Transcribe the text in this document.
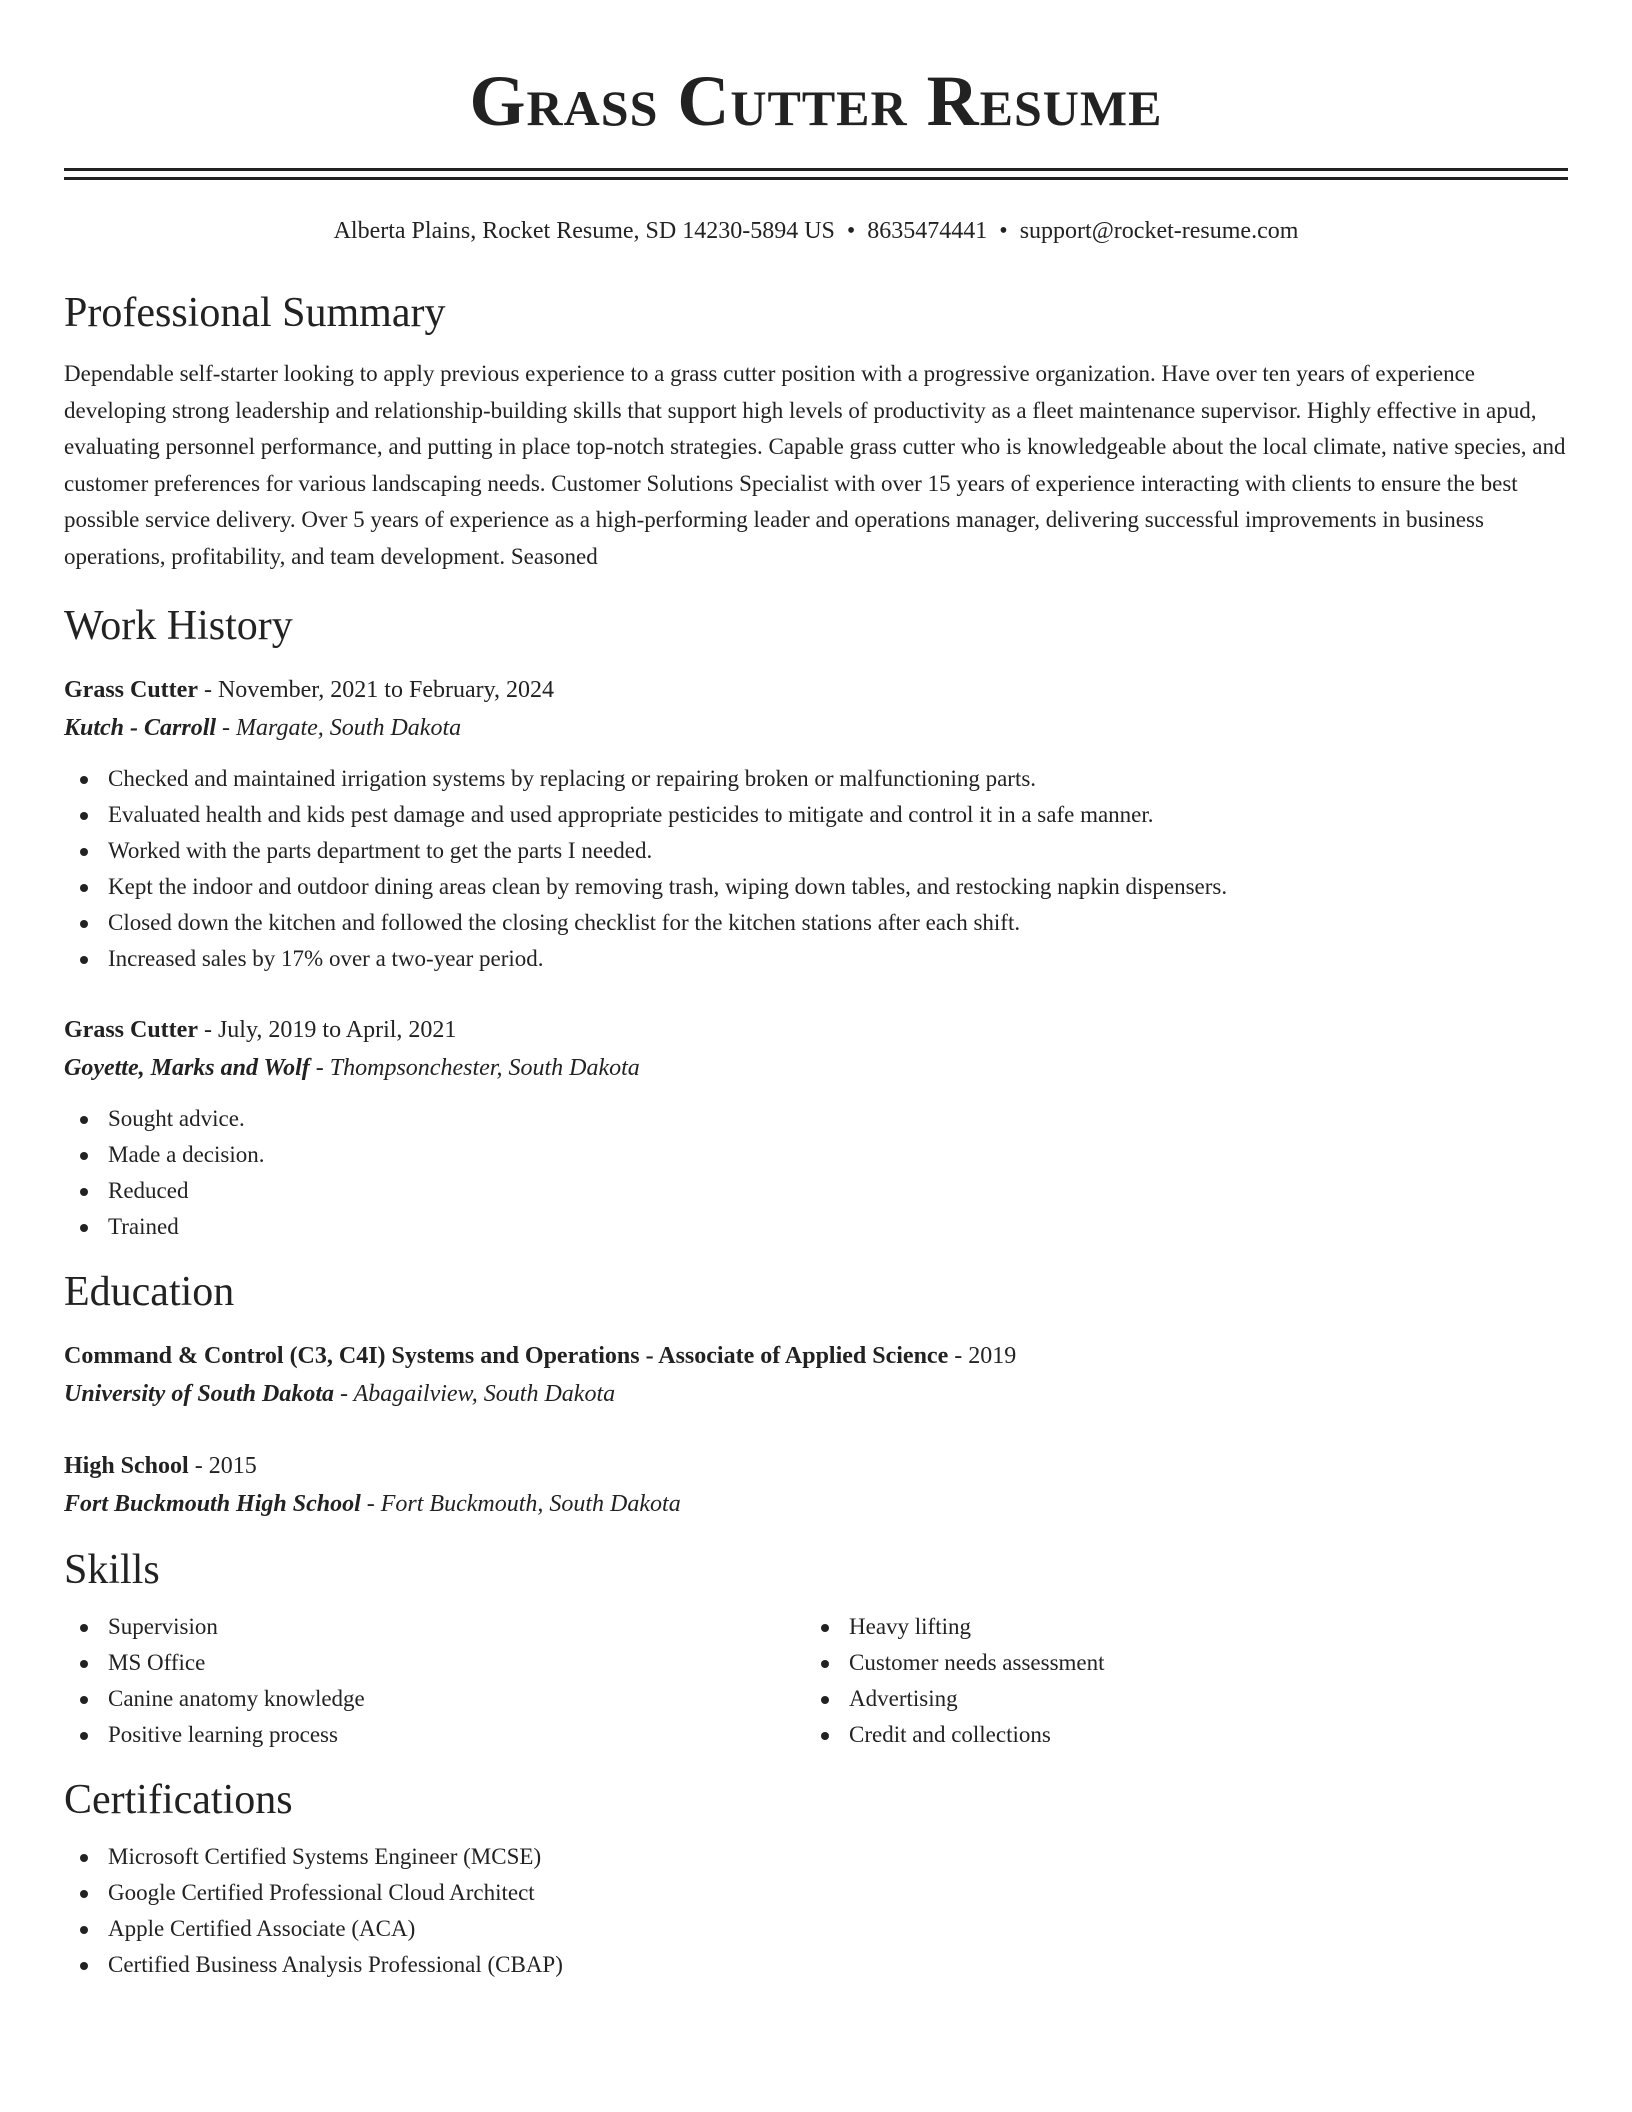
Grass Cutter Resume
Alberta Plains, Rocket Resume, SD 14230-5894 US • 8635474441 • support@rocket-resume.com
Professional Summary

Dependable self-starter looking to apply previous experience to a grass cutter position with a progressive organization. Have over ten years of experience developing strong leadership and relationship-building skills that support high levels of productivity as a fleet maintenance supervisor. Highly effective in apud, evaluating personnel performance, and putting in place top-notch strategies. Capable grass cutter who is knowledgeable about the local climate, native species, and customer preferences for various landscaping needs. Customer Solutions Specialist with over 15 years of experience interacting with clients to ensure the best possible service delivery. Over 5 years of experience as a high-performing leader and operations manager, delivering successful improvements in business operations, profitability, and team development. Seasoned

Work History
Grass Cutter - November, 2021 to February, 2024
Kutch - Carroll - Margate, South Dakota
Checked and maintained irrigation systems by replacing or repairing broken or malfunctioning parts.
Evaluated health and kids pest damage and used appropriate pesticides to mitigate and control it in a safe manner.
Worked with the parts department to get the parts I needed.
Kept the indoor and outdoor dining areas clean by removing trash, wiping down tables, and restocking napkin dispensers.
Closed down the kitchen and followed the closing checklist for the kitchen stations after each shift.
Increased sales by 17% over a two-year period.
Grass Cutter - July, 2019 to April, 2021
Goyette, Marks and Wolf - Thompsonchester, South Dakota
Sought advice.
Made a decision.
Reduced
Trained
Education
Command & Control (C3, C4I) Systems and Operations - Associate of Applied Science - 2019
University of South Dakota - Abagailview, South Dakota
High School - 2015
Fort Buckmouth High School - Fort Buckmouth, South Dakota
Skills
Supervision
MS Office
Canine anatomy knowledge
Positive learning process
Heavy lifting
Customer needs assessment
Advertising
Credit and collections
Certifications
Microsoft Certified Systems Engineer (MCSE)
Google Certified Professional Cloud Architect
Apple Certified Associate (ACA)
Certified Business Analysis Professional (CBAP)
